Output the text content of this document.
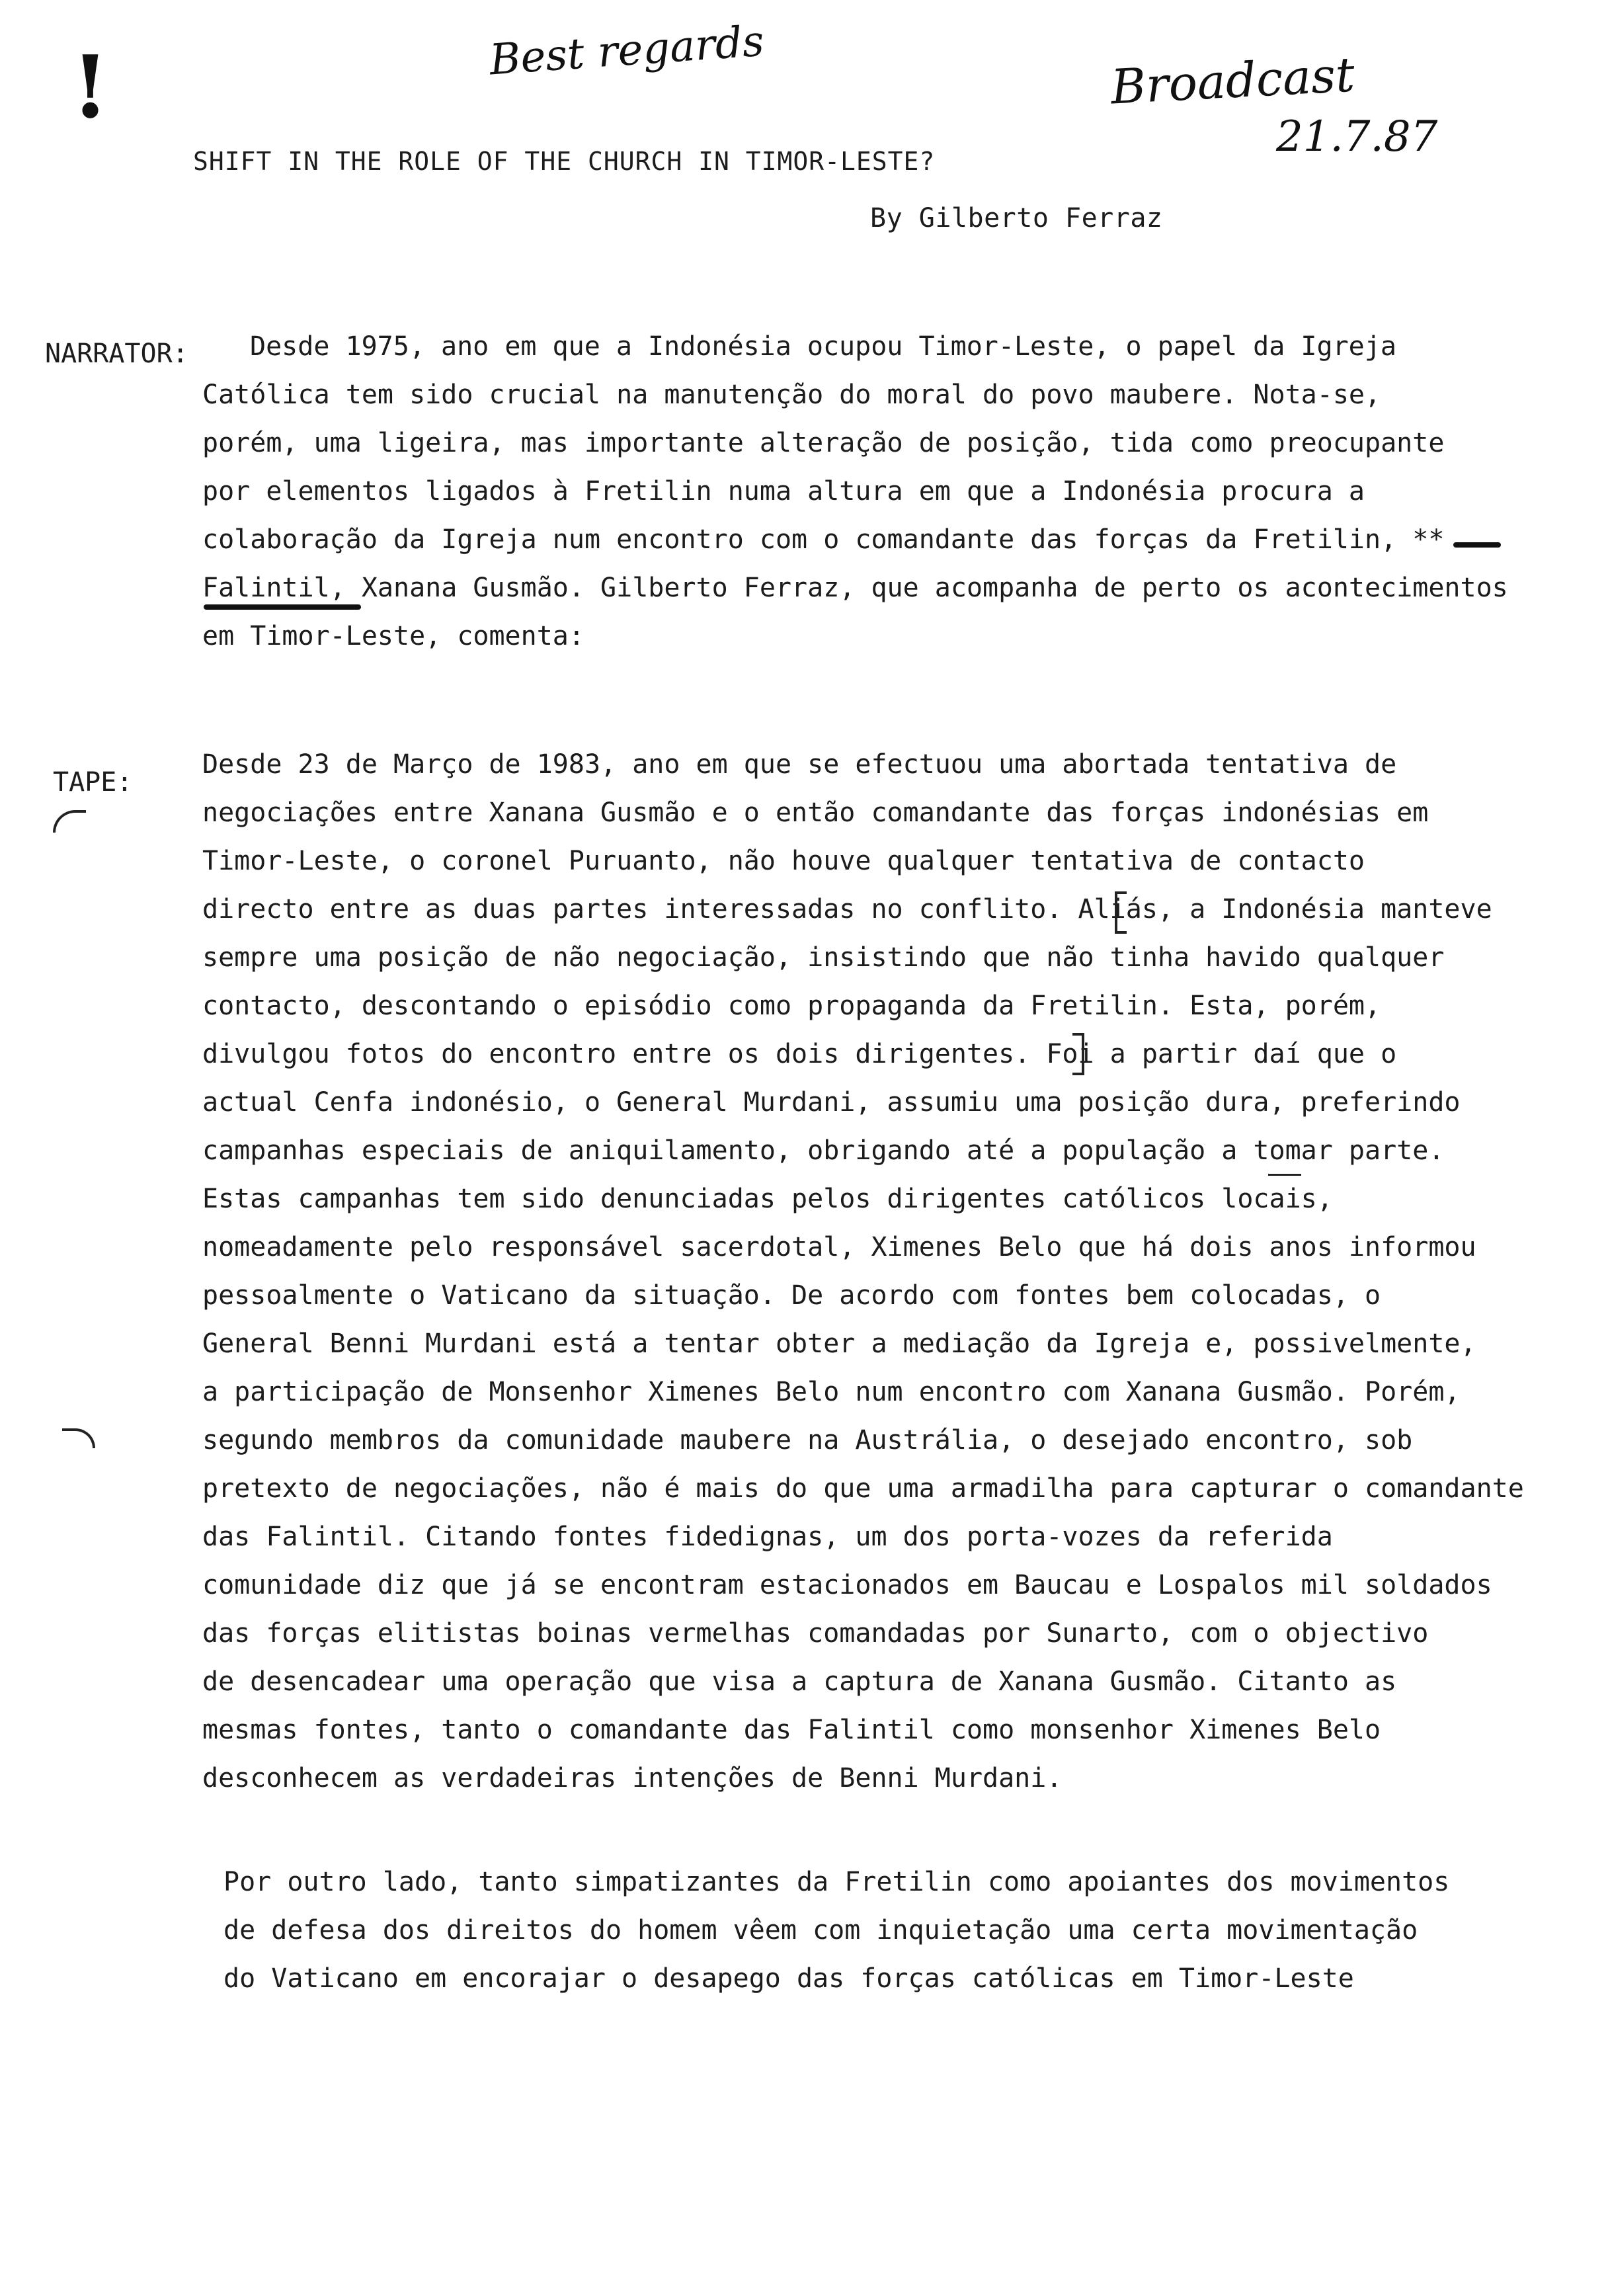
!	Best regards	Broadcast
21.7.87
SHIFT IN THE ROLE OF THE CHURCH IN TIMOR-LESTE?
By Gilberto Ferraz
NARRATOR: Desde 1975, ano em que a Indonésia ocupou Timor-Leste, o papel da Igreja
Católica tem sido crucial na manutenção do moral do povo maubere. Nota-se,
porém, uma ligeira, mas importante alteração de posição, tida como preocupante
por elementos ligados à Fretilin numa altura em que a Indonésia procura a
colaboração da Igreja num encontro com o comandante das forças da Fretilin, **
Falintil, Xanana Gusmão. Gilberto Ferraz, que acompanha de perto os acontecimentos
em Timor-Leste, comenta:
TAPE:
Desde 23 de Março de 1983, ano em que se efectuou uma abortada tentativa de
negociações entre Xanana Gusmão e o então comandante das forças indonésias em
Timor-Leste, o coronel Puruanto, não houve qualquer tentativa de contacto
directo entre as duas partes interessadas no conflito. Aliás, a Indonésia manteve
sempre uma posição de não negociação, insistindo que não tinha havido qualquer
contacto, descontando o episódio como propaganda da Fretilin. Esta, porém,
divulgou fotos do encontro entre os dois dirigentes. Foi a partir daí que o
actual Cenfa indonésio, o General Murdani, assumiu uma posição dura, preferindo
campanhas especiais de aniquilamento, obrigando até a população a tomar parte.
Estas campanhas tem sido denunciadas pelos dirigentes católicos locais,
nomeadamente pelo responsável sacerdotal, Ximenes Belo que há dois anos informou
pessoalmente o Vaticano da situação. De acordo com fontes bem colocadas, o
General Benni Murdani está a tentar obter a mediação da Igreja e, possivelmente,
a participação de Monsenhor Ximenes Belo num encontro com Xanana Gusmão. Porém,
segundo membros da comunidade maubere na Austrália, o desejado encontro, sob
pretexto de negociações, não é mais do que uma armadilha para capturar o comandante
das Falintil. Citando fontes fidedignas, um dos porta-vozes da referida
comunidade diz que já se encontram estacionados em Baucau e Lospalos mil soldados
das forças elitistas boinas vermelhas comandadas por Sunarto, com o objectivo
de desencadear uma operação que visa a captura de Xanana Gusmão. Citanto as
mesmas fontes, tanto o comandante das Falintil como monsenhor Ximenes Belo
desconhecem as verdadeiras intenções de Benni Murdani.
Por outro lado, tanto simpatizantes da Fretilin como apoiantes dos movimentos
de defesa dos direitos do homem vêem com inquietação uma certa movimentação
do Vaticano em encorajar o desapego das forças católicas em Timor-Leste
